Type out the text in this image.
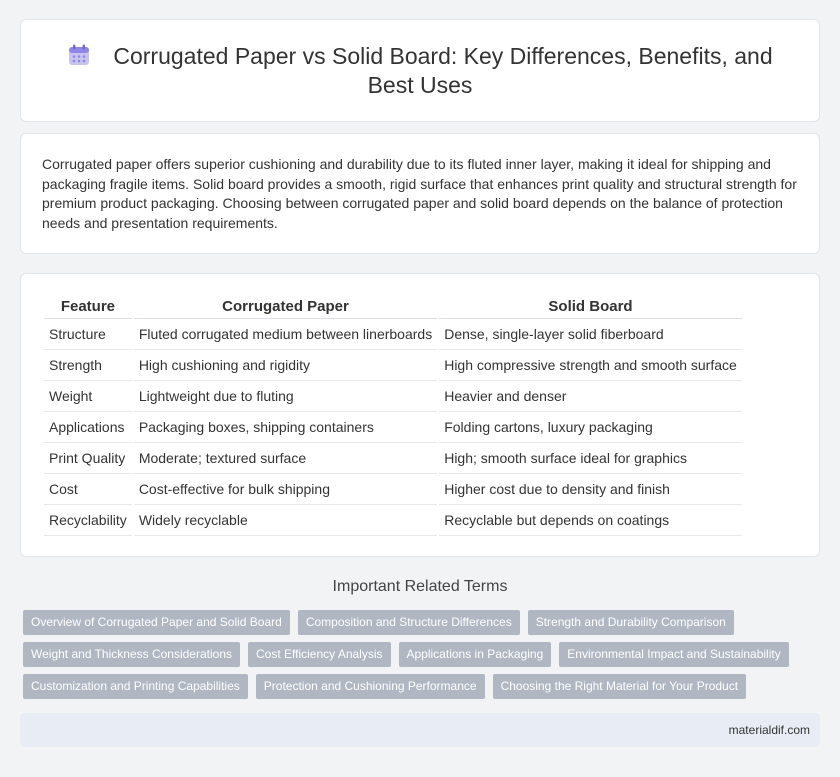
Corrugated Paper vs Solid Board: Key Differences, Benefits, and Best Uses

Corrugated paper offers superior cushioning and durability due to its fluted inner layer, making it ideal for shipping and packaging fragile items. Solid board provides a smooth, rigid surface that enhances print quality and structural strength for premium product packaging. Choosing between corrugated paper and solid board depends on the balance of protection needs and presentation requirements.

Feature	Corrugated Paper	Solid Board
Structure	Fluted corrugated medium between linerboards	Dense, single-layer solid fiberboard
Strength	High cushioning and rigidity	High compressive strength and smooth surface
Weight	Lightweight due to fluting	Heavier and denser
Applications	Packaging boxes, shipping containers	Folding cartons, luxury packaging
Print Quality	Moderate; textured surface	High; smooth surface ideal for graphics
Cost	Cost-effective for bulk shipping	Higher cost due to density and finish
Recyclability	Widely recyclable	Recyclable but depends on coatings
Important Related Terms
Overview of Corrugated Paper and Solid Board	Composition and Structure Differences	Strength and Durability Comparison
Weight and Thickness Considerations	Cost Efficiency Analysis	Applications in Packaging	Environmental Impact and Sustainability
Customization and Printing Capabilities	Protection and Cushioning Performance	Choosing the Right Material for Your Product
materialdif.com
